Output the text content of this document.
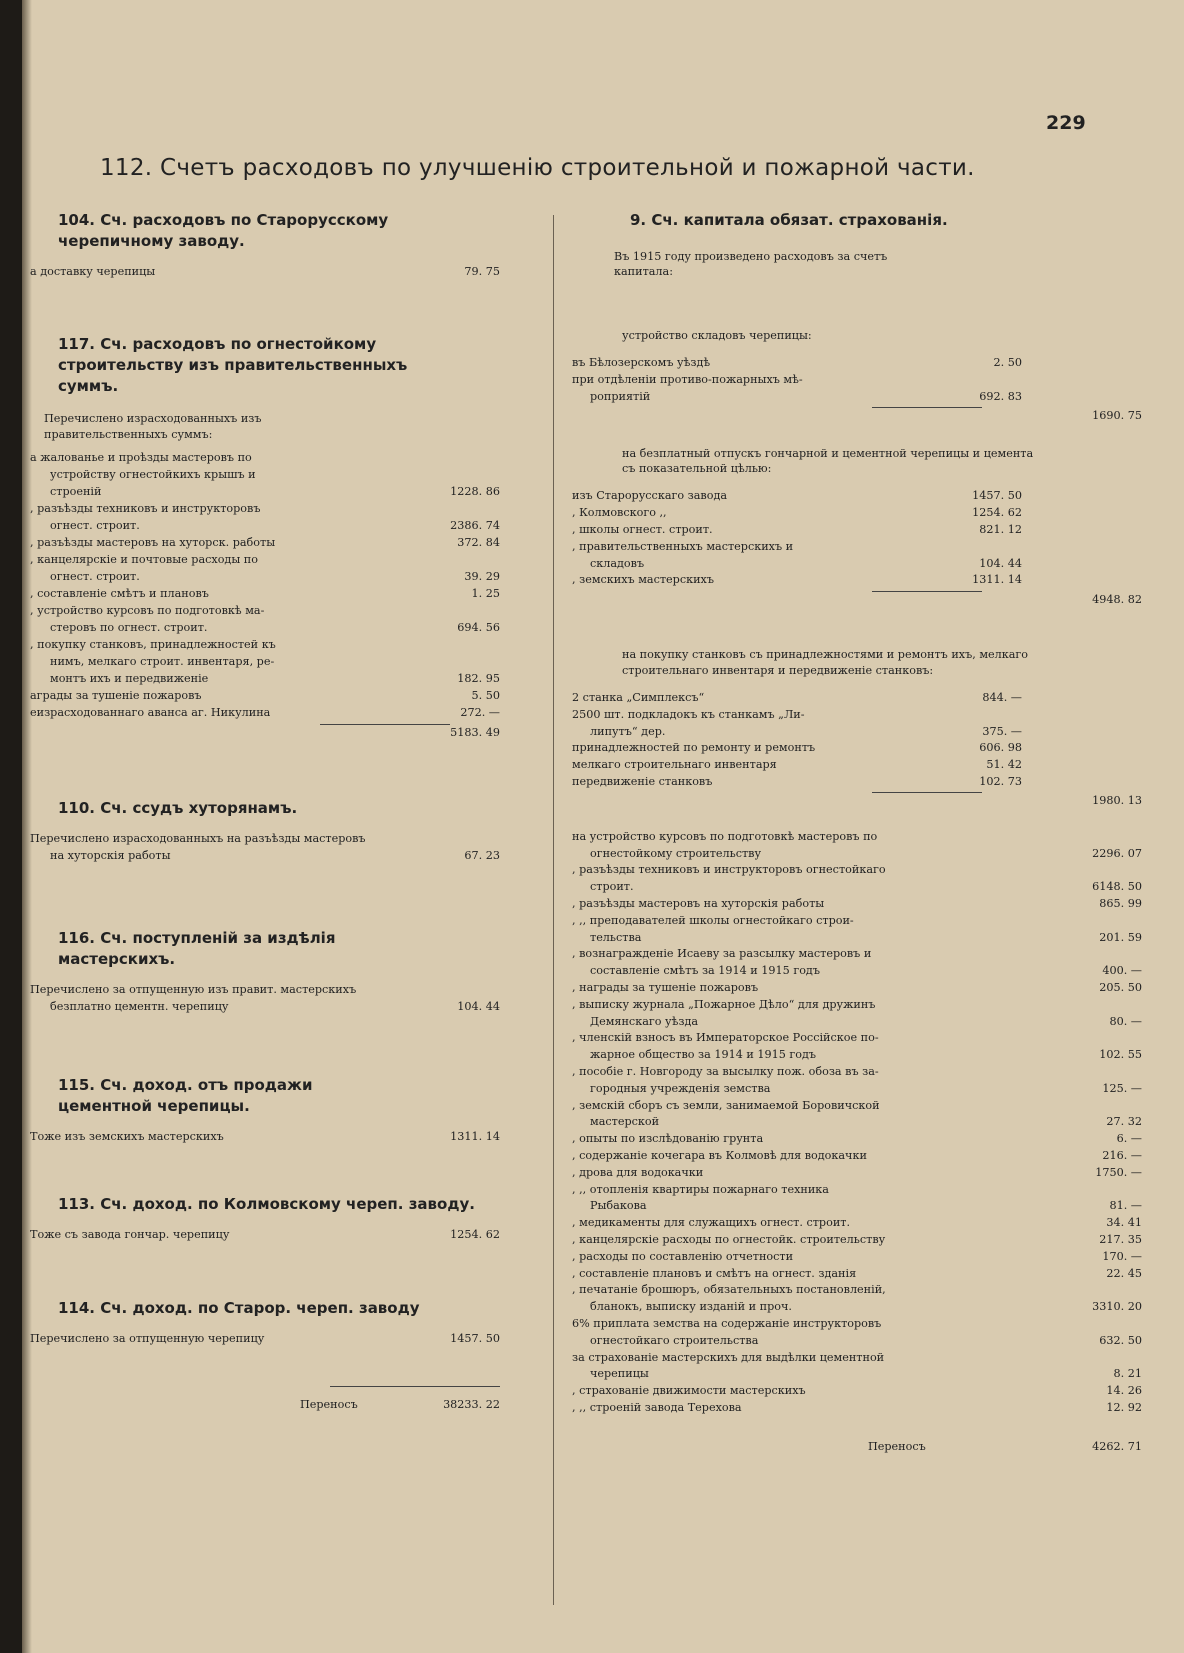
229
112. Счетъ расходовъ по улучшенію строительной и пожарной части.
104. Сч. расходовъ по Старорусскому черепичному заводу.
a доставку черепицы	79. 75
117. Сч. расходовъ по огнестойкому строительству изъ правительственныхъ суммъ.
Перечислено израсходованныхъ изъ правительственныхъ суммъ:
а жалованье и проѣзды мастеровъ по
устройству огнестойкихъ крышъ и
строеній	1228. 86
, разъѣзды техниковъ и инструкторовъ
огнест. строит.	2386. 74
, разъѣзды мастеровъ на хуторск. работы	372. 84
, канцелярскіе и почтовые расходы по
огнест. строит.	39. 29
, составленіе смѣтъ и плановъ	1. 25
, устройство курсовъ по подготовкѣ ма-
стеровъ по огнест. строит.	694. 56
, покупку станковъ, принадлежностей къ
нимъ, мелкаго строит. инвентаря, ре-
монтъ ихъ и передвиженіе	182. 95
аграды за тушеніе пожаровъ	5. 50
еизрасходованнаго аванса аг. Никулина	272. —
5183. 49
110. Сч. ссудъ хуторянамъ.
Перечислено израсходованныхъ на разъѣзды мастеровъ
на хуторскія работы	67. 23
116. Сч. поступленій за издѣлія мастерскихъ.
Перечислено за отпущенную изъ правит. мастерскихъ
безплатно цементн. черепицу	104. 44
115. Сч. доход. отъ продажи цементной черепицы.
Тоже изъ земскихъ мастерскихъ	1311. 14
113. Сч. доход. по Колмовскому череп. заводу.
Тоже съ завода гончар. черепицу	1254. 62
114. Сч. доход. по Старор. череп. заводу
Перечислено за отпущенную черепицу	1457. 50
Переносъ	38233. 22
9. Сч. капитала обязат. страхованія.
Въ 1915 году произведено расходовъ за счетъ капитала:
устройство складовъ черепицы:
въ Бѣлозерскомъ уѣздѣ	2. 50
при отдѣленіи противо-пожарныхъ мѣ-
роприятій	692. 83
1690. 75
на безплатный отпускъ гончарной и цементной черепицы и цемента съ показательной цѣлью:
изъ Старорусскаго завода	1457. 50
, Колмовского ,,	1254. 62
, школы огнест. строит.	821. 12
, правительственныхъ мастерскихъ и
складовъ	104. 44
, земскихъ мастерскихъ	1311. 14
4948. 82
на покупку станковъ съ принадлежностями и ремонтъ ихъ, мелкаго строительнаго инвентаря и передвиженіе станковъ:
2 станка „Симплексъ“	844. —
2500 шт. подкладокъ къ станкамъ „Ли-
липутъ“ дер.	375. —
принадлежностей по ремонту и ремонтъ	606. 98
мелкаго строительнаго инвентаря	51. 42
передвиженіе станковъ	102. 73
1980. 13
на устройство курсовъ по подготовкѣ мастеровъ по
огнестойкому строительству	2296. 07
, разъѣзды техниковъ и инструкторовъ огнестойкаго
строит.	6148. 50
, разъѣзды мастеровъ на хуторскія работы	865. 99
, ,, преподавателей школы огнестойкаго строи-
тельства	201. 59
, вознагражденіе Исаеву за разсылку мастеровъ и
составленіе смѣтъ за 1914 и 1915 годъ	400. —
, награды за тушеніе пожаровъ	205. 50
, выписку журнала „Пожарное Дѣло“ для дружинъ
Демянскаго уѣзда	80. —
, членскій взносъ въ Императорское Россійское по-
жарное общество за 1914 и 1915 годъ	102. 55
, пособіе г. Новгороду за высылку пож. обоза въ за-
городныя учрежденія земства	125. —
, земскій сборъ съ земли, занимаемой Боровичской
мастерской	27. 32
, опыты по изслѣдованію грунта	6. —
, содержаніе кочегара въ Колмовѣ для водокачки	216. —
, дрова для водокачки	1750. —
, ,, отопленія квартиры пожарнаго техника
Рыбакова	81. —
, медикаменты для служащихъ огнест. строит.	34. 41
, канцелярскіе расходы по огнестойк. строительству	217. 35
, расходы по составленію отчетности	170. —
, составленіе плановъ и смѣтъ на огнест. зданія	22. 45
, печатаніе брошюръ, обязательныхъ постановленій,
бланокъ, выписку изданій и проч.	3310. 20
6% приплата земства на содержаніе инструкторовъ
огнестойкаго строительства	632. 50
за страхованіе мастерскихъ для выдѣлки цементной
черепицы	8. 21
, страхованіе движимости мастерскихъ	14. 26
, ,, строеній завода Терехова	12. 92
Переносъ	4262. 71
